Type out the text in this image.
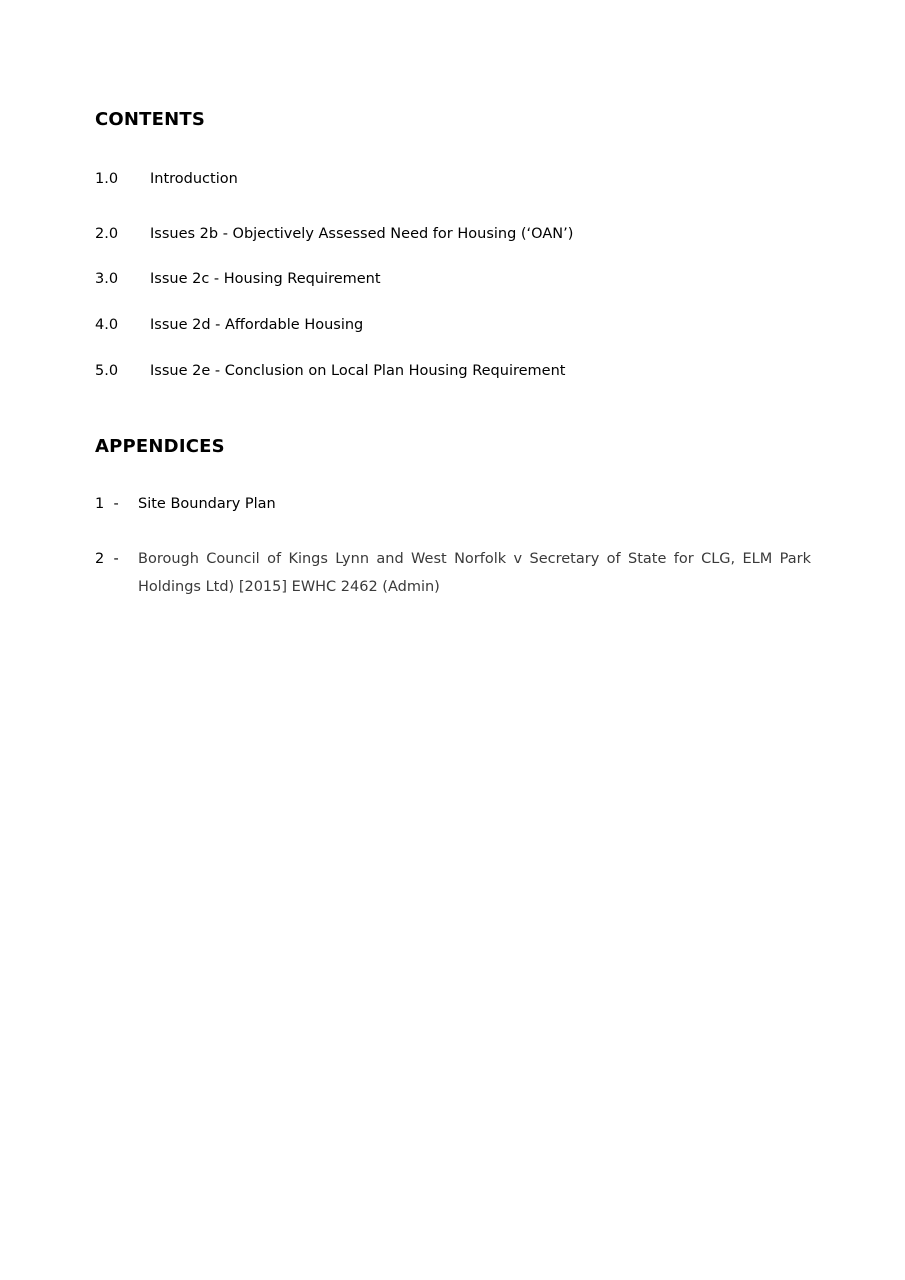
CONTENTS
1.0	Introduction
2.0	Issues 2b - Objectively Assessed Need for Housing (‘OAN’)
3.0	Issue 2c - Housing Requirement
4.0	Issue 2d - Affordable Housing
5.0	Issue 2e - Conclusion on Local Plan Housing Requirement
APPENDICES
1  -	Site Boundary Plan
2  -	Borough Council of Kings Lynn and West Norfolk v Secretary of State for CLG, ELM Park Holdings Ltd) [2015] EWHC 2462 (Admin)
